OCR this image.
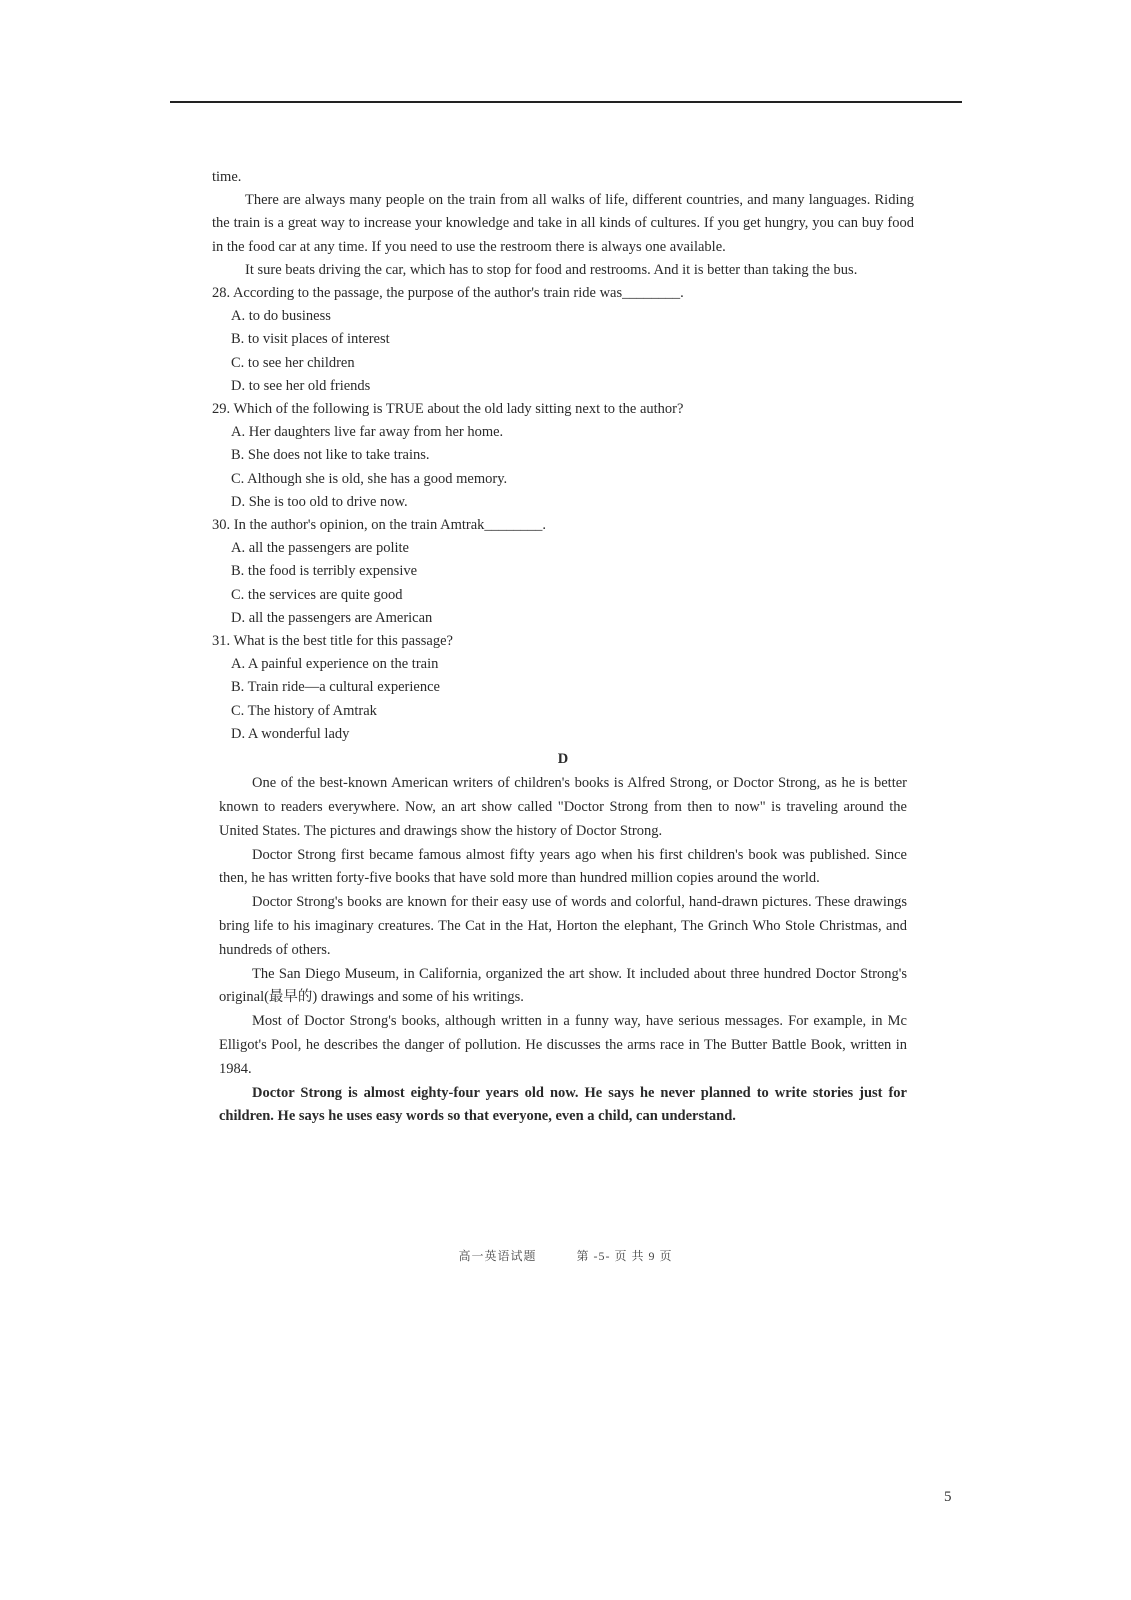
time.

There are always many people on the train from all walks of life, different countries, and many languages. Riding the train is a great way to increase your knowledge and take in all kinds of cultures. If you get hungry, you can buy food in the food car at any time. If you need to use the restroom there is always one available.

It sure beats driving the car, which has to stop for food and restrooms. And it is better than taking the bus.

28. According to the passage, the purpose of the author's train ride was________.

A. to do business

B. to visit places of interest

C. to see her children

D. to see her old friends

29. Which of the following is TRUE about the old lady sitting next to the author?

A. Her daughters live far away from her home.

B. She does not like to take trains.

C. Although she is old, she has a good memory.

D. She is too old to drive now.

30. In the author's opinion, on the train Amtrak________.

A. all the passengers are polite

B. the food is terribly expensive

C. the services are quite good

D. all the passengers are American

31. What is the best title for this passage?

A. A painful experience on the train

B. Train ride—a cultural experience

C. The history of Amtrak

D. A wonderful lady

D

One of the best-known American writers of children's books is Alfred Strong, or Doctor Strong, as he is better known to readers everywhere. Now, an art show called "Doctor Strong from then to now" is traveling around the United States. The pictures and drawings show the history of Doctor Strong.

Doctor Strong first became famous almost fifty years ago when his first children's book was published. Since then, he has written forty-five books that have sold more than hundred million copies around the world.

Doctor Strong's books are known for their easy use of words and colorful, hand-drawn pictures. These drawings bring life to his imaginary creatures. The Cat in the Hat, Horton the elephant, The Grinch Who Stole Christmas, and hundreds of others.

The San Diego Museum, in California, organized the art show. It included about three hundred Doctor Strong's original(最早的) drawings and some of his writings.

Most of Doctor Strong's books, although written in a funny way, have serious messages. For example, in Mc Elligot's Pool, he describes the danger of pollution. He discusses the arms race in The Butter Battle Book, written in 1984.

Doctor Strong is almost eighty-four years old now. He says he never planned to write stories just for children. He says he uses easy words so that everyone, even a child, can understand.

高一英语试题	第 -5- 页 共 9 页
5
